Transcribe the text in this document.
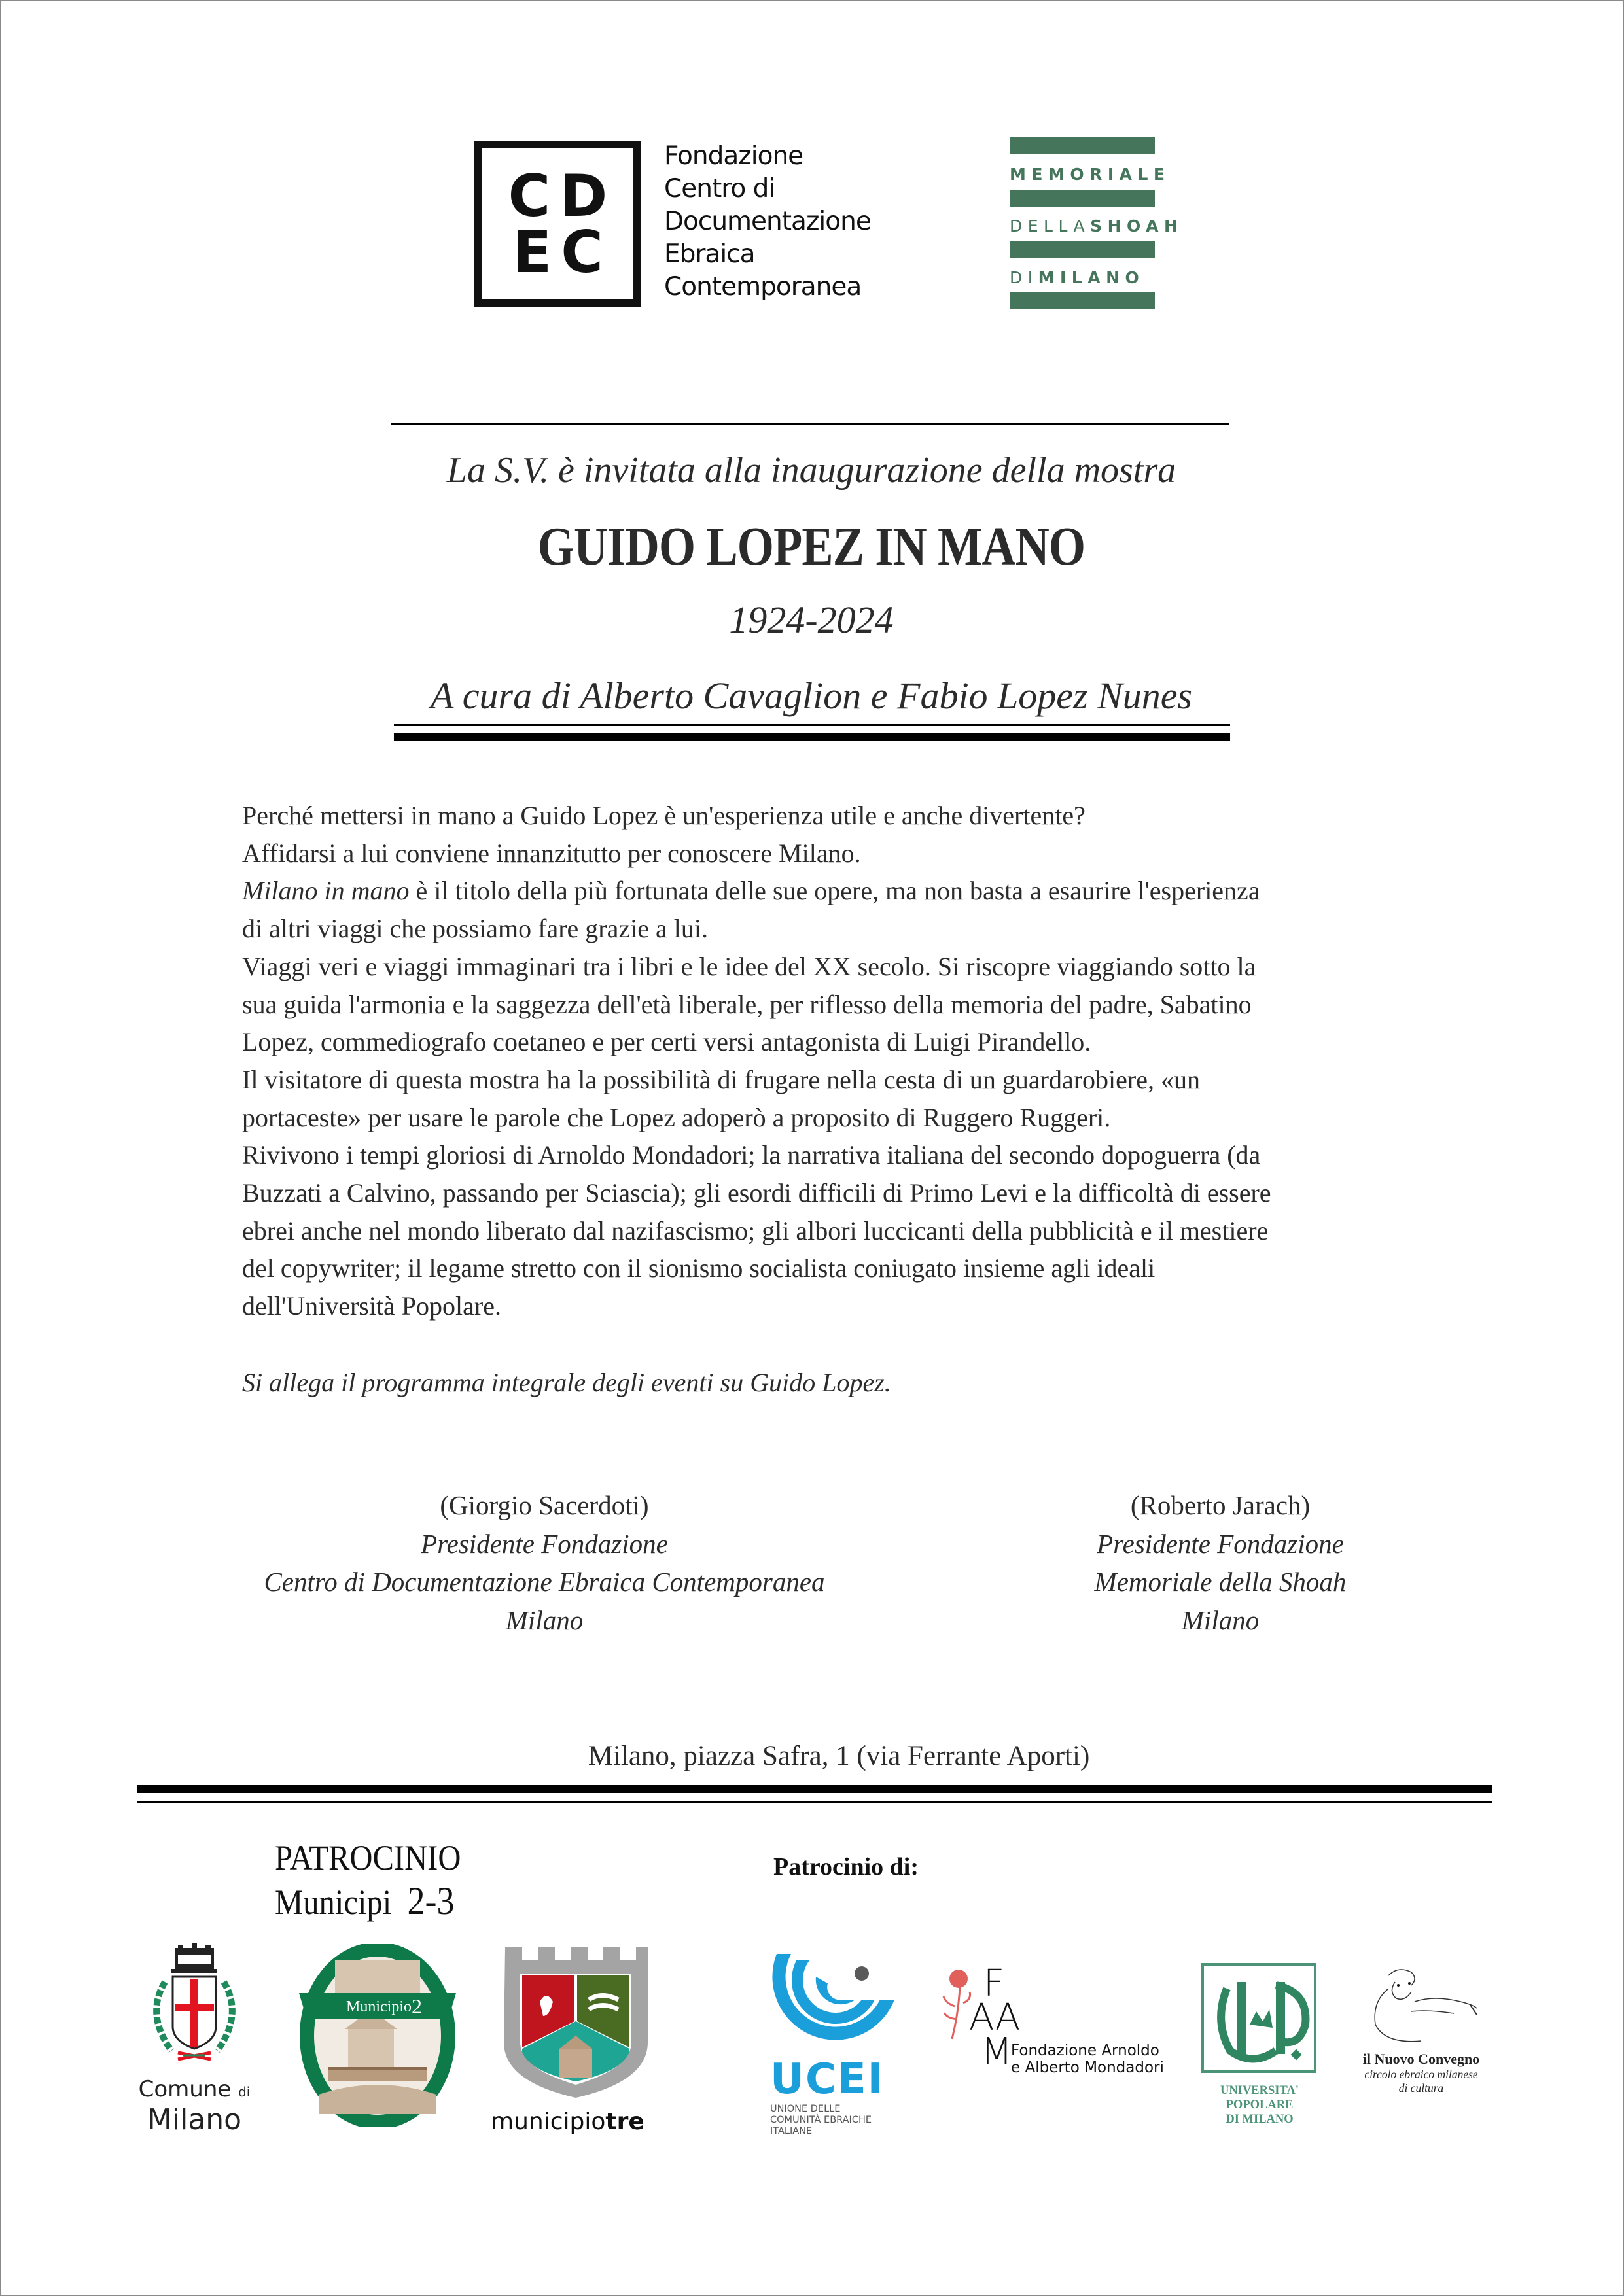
CD
EC
Fondazione
Centro di
Documentazione
Ebraica
Contemporanea
MEMORIALE
DELLASHOAH
DIMILANO
La S.V. è invitata alla inaugurazione della mostra
GUIDO LOPEZ IN MANO
1924-2024
A cura di Alberto Cavaglion e Fabio Lopez Nunes

Perché mettersi in mano a Guido Lopez è un'esperienza utile e anche divertente?

Affidarsi a lui conviene innanzitutto per conoscere Milano.

Milano in mano è il titolo della più fortunata delle sue opere, ma non basta a esaurire l'esperienza

di altri viaggi che possiamo fare grazie a lui.

Viaggi veri e viaggi immaginari tra i libri e le idee del XX secolo. Si riscopre viaggiando sotto la

sua guida l'armonia e la saggezza dell'età liberale, per riflesso della memoria del padre, Sabatino

Lopez, commediografo coetaneo e per certi versi antagonista di Luigi Pirandello.

Il visitatore di questa mostra ha la possibilità di frugare nella cesta di un guardarobiere, «un

portaceste» per usare le parole che Lopez adoperò a proposito di Ruggero Ruggeri.

Rivivono i tempi gloriosi di Arnoldo Mondadori; la narrativa italiana del secondo dopoguerra (da

Buzzati a Calvino, passando per Sciascia); gli esordi difficili di Primo Levi e la difficoltà di essere

ebrei anche nel mondo liberato dal nazifascismo; gli albori luccicanti della pubblicità e il mestiere

del copywriter; il legame stretto con il sionismo socialista coniugato insieme agli ideali

dell'Università Popolare.

Si allega il programma integrale degli eventi su Guido Lopez.
(Giorgio Sacerdoti)
Presidente Fondazione
Centro di Documentazione Ebraica Contemporanea
Milano
(Roberto Jarach)
Presidente Fondazione
Memoriale della Shoah
Milano
Milano, piazza Safra, 1 (via Ferrante Aporti)
PATROCINIO
Municipi 2-3
Patrocinio di:
Comune di
Milano
Municipio 2
municipiotre
UCEI
UNIONE DELLE
COMUNITÀ EBRAICHE
ITALIANE
F
AA
M
Fondazione Arnoldo
e Alberto Mondadori
UNIVERSITA'
POPOLARE
DI MILANO
il Nuovo Convegno
circolo ebraico milanese
di cultura
